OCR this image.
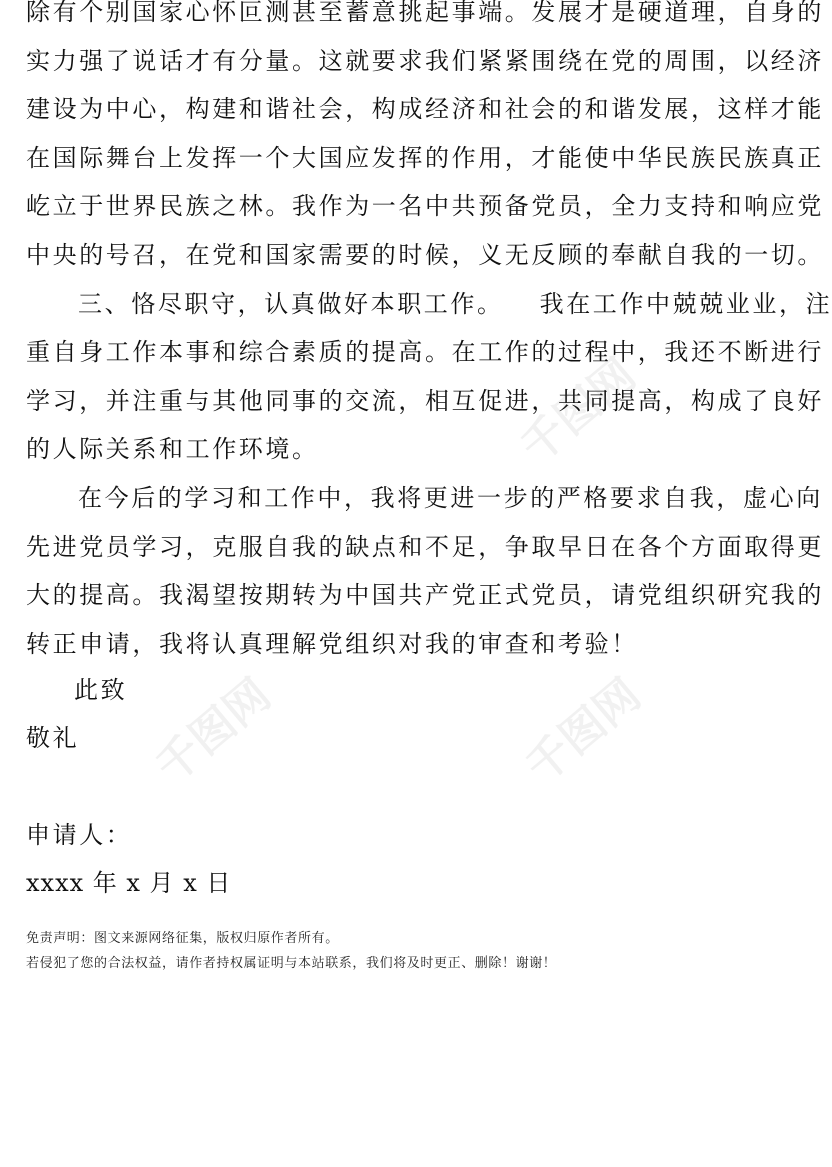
除有个别国家心怀叵测甚至蓄意挑起事端。发展才是硬道理，自身的
实力强了说话才有分量。这就要求我们紧紧围绕在党的周围，以经济
建设为中心，构建和谐社会，构成经济和社会的和谐发展，这样才能
在国际舞台上发挥一个大国应发挥的作用，才能使中华民族民族真正
屹立于世界民族之林。我作为一名中共预备党员，全力支持和响应党
中央的号召，在党和国家需要的时候，义无反顾的奉献自我的一切。

三、恪尽职守，认真做好本职工作。 我在工作中兢兢业业，注
重自身工作本事和综合素质的提高。在工作的过程中，我还不断进行
学习，并注重与其他同事的交流，相互促进，共同提高，构成了良好
的人际关系和工作环境。

在今后的学习和工作中，我将更进一步的严格要求自我，虚心向
先进党员学习，克服自我的缺点和不足，争取早日在各个方面取得更
大的提高。我渴望按期转为中国共产党正式党员，请党组织研究我的
转正申请，我将认真理解党组织对我的审查和考验！

此致
敬礼
申请人：
xxxx 年 x 月 x 日

免责声明：图文来源网络征集，版权归原作者所有。

若侵犯了您的合法权益，请作者持权属证明与本站联系，我们将及时更正、删除！谢谢！

千图网
千图网	千图网
